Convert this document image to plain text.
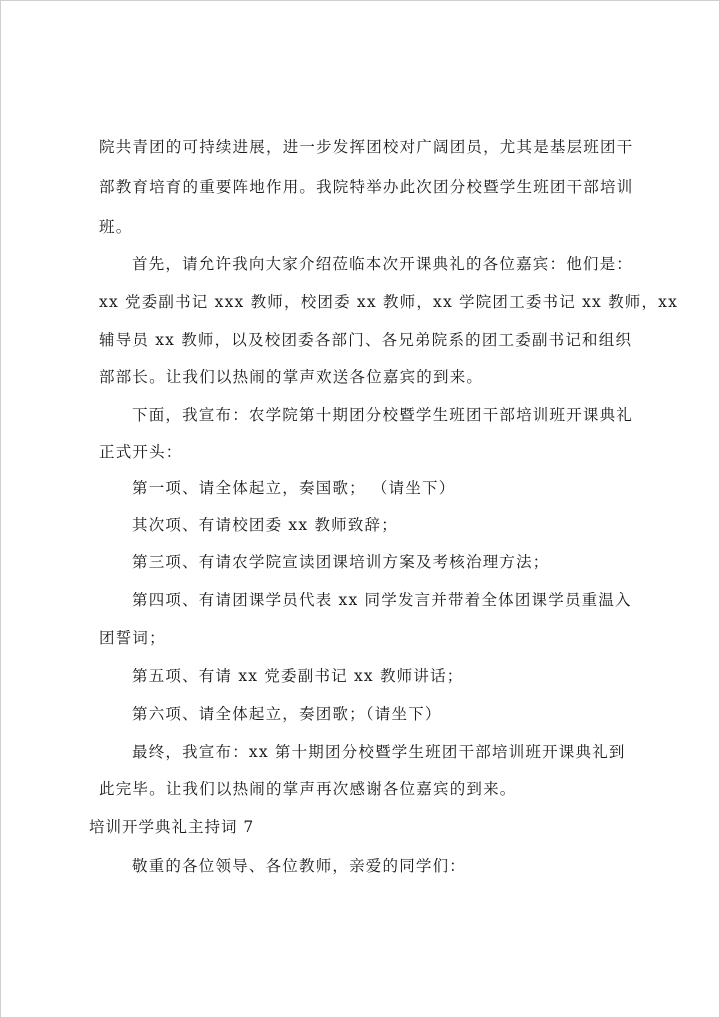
院共青团的可持续进展，进一步发挥团校对广阔团员，尤其是基层班团干
部教育培育的重要阵地作用。我院特举办此次团分校暨学生班团干部培训
班。
首先，请允许我向大家介绍莅临本次开课典礼的各位嘉宾：他们是：
xx 党委副书记 xxx 教师，校团委 xx 教师，xx 学院团工委书记 xx 教师，xx
辅导员 xx 教师，以及校团委各部门、各兄弟院系的团工委副书记和组织
部部长。让我们以热闹的掌声欢送各位嘉宾的到来。
下面，我宣布：农学院第十期团分校暨学生班团干部培训班开课典礼
正式开头：
第一项、请全体起立，奏国歌； （请坐下）
其次项、有请校团委 xx 教师致辞；
第三项、有请农学院宣读团课培训方案及考核治理方法；
第四项、有请团课学员代表 xx 同学发言并带着全体团课学员重温入
团誓词；
第五项、有请 xx 党委副书记 xx 教师讲话；
第六项、请全体起立，奏团歌；（请坐下）
最终，我宣布：xx 第十期团分校暨学生班团干部培训班开课典礼到
此完毕。让我们以热闹的掌声再次感谢各位嘉宾的到来。
培训开学典礼主持词 7
敬重的各位领导、各位教师，亲爱的同学们：
